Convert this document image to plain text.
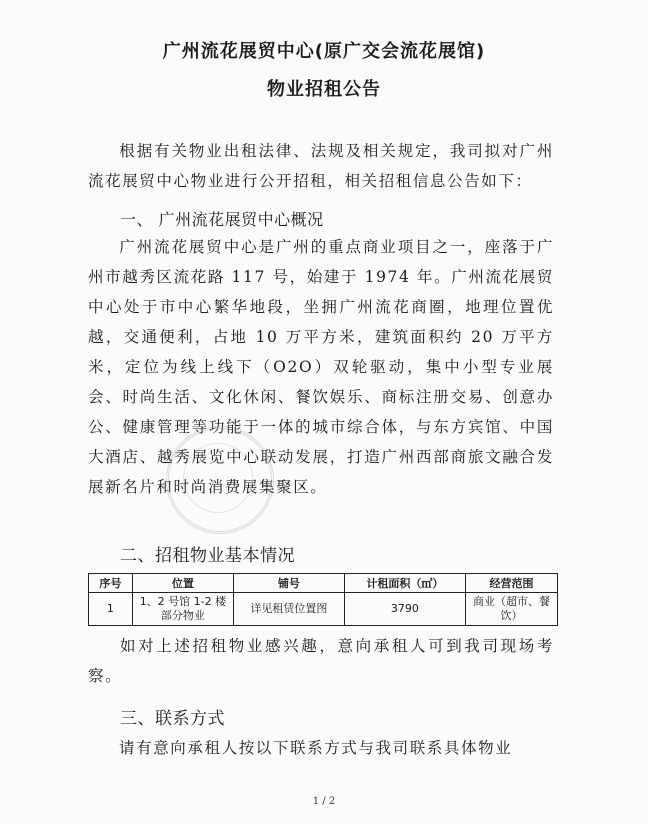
广州流花展贸中心(原广交会流花展馆)
物业招租公告

根据有关物业出租法律、法规及相关规定，我司拟对广州流花展贸中心物业进行公开招租，相关招租信息公告如下：

一、 广州流花展贸中心概况

广州流花展贸中心是广州的重点商业项目之一，座落于广州市越秀区流花路 117 号，始建于 1974 年。广州流花展贸中心处于市中心繁华地段，坐拥广州流花商圈，地理位置优越，交通便利，占地 10 万平方米，建筑面积约 20 万平方米，定位为线上线下（O2O）双轮驱动，集中小型专业展会、时尚生活、文化休闲、餐饮娱乐、商标注册交易、创意办公、健康管理等功能于一体的城市综合体，与东方宾馆、中国大酒店、越秀展览中心联动发展，打造广州西部商旅文融合发展新名片和时尚消费展集聚区。

二、招租物业基本情况

序号	位置	铺号	计租面积（㎡）	经营范围
1	1、2 号馆 1-2 楼部分物业	详见租赁位置图	3790	商业（超市、餐饮）

如对上述招租物业感兴趣，意向承租人可到我司现场考察。

三、联系方式

请有意向承租人按以下联系方式与我司联系具体物业

1 / 2
